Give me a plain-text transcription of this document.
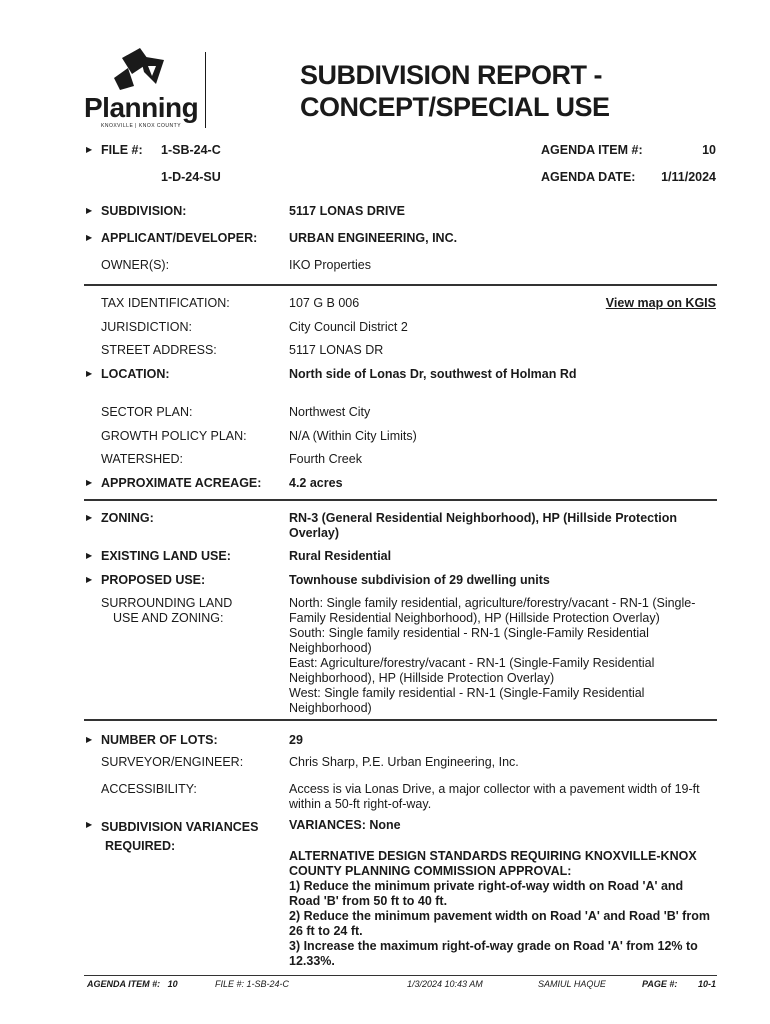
Planning
KNOXVILLE | KNOX COUNTY
SUBDIVISION REPORT -
CONCEPT/SPECIAL USE
▶ FILE #: 1-SB-24-C
1-D-24-SU
AGENDA ITEM #:	10
AGENDA DATE: 1/11/2024
▶ SUBDIVISION:	5117 LONAS DRIVE
▶ APPLICANT/DEVELOPER:	URBAN ENGINEERING, INC.
OWNER(S):	IKO Properties
TAX IDENTIFICATION:	107 G B 006	View map on KGIS
JURISDICTION:	City Council District 2
STREET ADDRESS:	5117 LONAS DR
▶ LOCATION:	North side of Lonas Dr, southwest of Holman Rd
SECTOR PLAN:	Northwest City
GROWTH POLICY PLAN:	N/A (Within City Limits)
WATERSHED:	Fourth Creek
▶ APPROXIMATE ACREAGE: 4.2 acres
▶ ZONING:	RN-3 (General Residential Neighborhood), HP (Hillside Protection
Overlay)
▶ EXISTING LAND USE:	Rural Residential
▶ PROPOSED USE:	Townhouse subdivision of 29 dwelling units
SURROUNDING LAND
USE AND ZONING:
North: Single family residential, agriculture/forestry/vacant - RN-1 (Single-
Family Residential Neighborhood), HP (Hillside Protection Overlay)
South: Single family residential - RN-1 (Single-Family Residential
Neighborhood)
East: Agriculture/forestry/vacant - RN-1 (Single-Family Residential
Neighborhood), HP (Hillside Protection Overlay)
West: Single family residential - RN-1 (Single-Family Residential
Neighborhood)
▶ NUMBER OF LOTS:	29
SURVEYOR/ENGINEER:	Chris Sharp, P.E. Urban Engineering, Inc.
ACCESSIBILITY:	Access is via Lonas Drive, a major collector with a pavement width of 19-ft
within a 50-ft right-of-way.
▶ SUBDIVISION VARIANCES
REQUIRED:
VARIANCES: None
ALTERNATIVE DESIGN STANDARDS REQUIRING KNOXVILLE-KNOX
COUNTY PLANNING COMMISSION APPROVAL:
1) Reduce the minimum private right-of-way width on Road 'A' and
Road 'B' from 50 ft to 40 ft.
2) Reduce the minimum pavement width on Road 'A' and Road 'B' from
26 ft to 24 ft.
3) Increase the maximum right-of-way grade on Road 'A' from 12% to
12.33%.
AGENDA ITEM #:   10	FILE #: 1-SB-24-C	1/3/2024 10:43 AM	SAMIUL HAQUE	PAGE #: 10-1
